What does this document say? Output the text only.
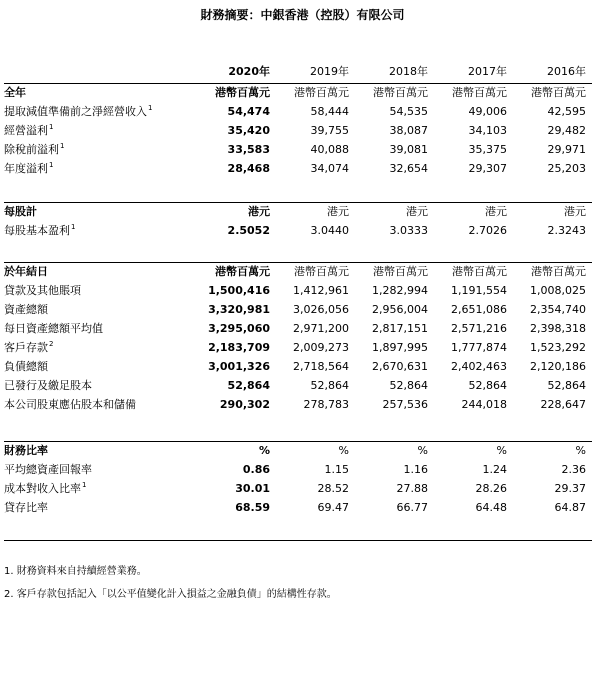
財務摘要：中銀香港（控股）有限公司
2020年	2019年	2018年	2017年	2016年
全年	港幣百萬元 港幣百萬元 港幣百萬元 港幣百萬元 港幣百萬元
提取減值準備前之淨經營收入$^1$	54,474	58,444	54,535	49,006	42,595
經營溢利$^1$	35,420	39,755	38,087	34,103	29,482
除稅前溢利$^1$	33,583	40,088	39,081	35,375	29,971
年度溢利$^1$	28,468	34,074	32,654	29,307	25,203
每股計	港元	港元	港元	港元	港元
每股基本盈利$^1$	2.5052	3.0440	3.0333	2.7026	2.3243
於年結日	港幣百萬元 港幣百萬元 港幣百萬元 港幣百萬元 港幣百萬元
貸款及其他賬項	1,500,416 1,412,961 1,282,994 1,191,554 1,008,025
資產總額	3,320,981 3,026,056 2,956,004 2,651,086 2,354,740
每日資產總額平均值	3,295,060 2,971,200 2,817,151 2,571,216 2,398,318
客戶存款$^2$	2,183,709 2,009,273 1,897,995 1,777,874 1,523,292
負債總額	3,001,326 2,718,564 2,670,631 2,402,463 2,120,186
已發行及繳足股本	52,864	52,864	52,864	52,864	52,864
本公司股東應佔股本和儲備	290,302	278,783	257,536	244,018	228,647
財務比率	%	%	%	%	%
平均總資產回報率	0.86	1.15	1.16	1.24	2.36
成本對收入比率$^1$	30.01	28.52	27.88	28.26	29.37
貸存比率	68.59	69.47	66.77	64.48	64.87
1. 財務資料來自持續經營業務。
2. 客戶存款包括記入「以公平值變化計入損益之金融負債」的結構性存款。
